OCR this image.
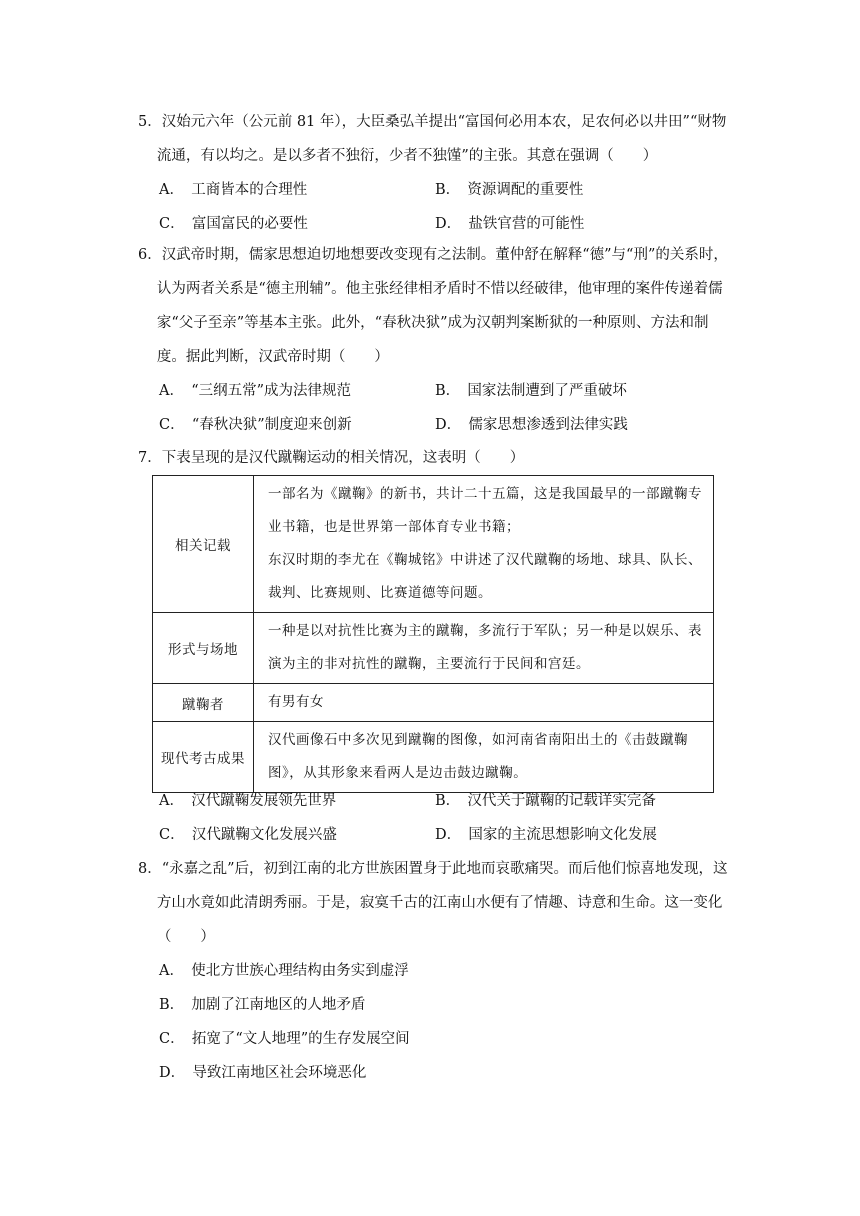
5．汉始元六年（公元前 81 年），大臣桑弘羊提出“富国何必用本农，足农何必以井田”“财物流通，有以均之。是以多者不独衍，少者不独馑”的主张。其意在强调（　　）

A．　工商皆本的合理性	B．　资源调配的重要性
C．　富国富民的必要性	D．　盐铁官营的可能性

6．汉武帝时期，儒家思想迫切地想要改变现有之法制。董仲舒在解释“德”与“刑”的关系时，认为两者关系是“德主刑辅”。他主张经律相矛盾时不惜以经破律，他审理的案件传递着儒家“父子至亲”等基本主张。此外，“春秋决狱”成为汉朝判案断狱的一种原则、方法和制度。据此判断，汉武帝时期（　　）

A．　“三纲五常”成为法律规范	B．　国家法制遭到了严重破坏
C．　“春秋决狱”制度迎来创新	D．　儒家思想渗透到法律实践

7．下表呈现的是汉代蹴鞠运动的相关情况，这表明（　　）

相关记载	一部名为《蹴鞠》的新书，共计二十五篇，这是我国最早的一部蹴鞠专业书籍，也是世界第一部体育专业书籍；
东汉时期的李尤在《鞠城铭》中讲述了汉代蹴鞠的场地、球具、队长、裁判、比赛规则、比赛道德等问题。

形式与场地	一种是以对抗性比赛为主的蹴鞠，多流行于军队；另一种是以娱乐、表演为主的非对抗性的蹴鞠，主要流行于民间和宫廷。

蹴鞠者	有男有女

现代考古成果	汉代画像石中多次见到蹴鞠的图像，如河南省南阳出土的《击鼓蹴鞠图》，从其形象来看两人是边击鼓边蹴鞠。
A．　汉代蹴鞠发展领先世界	B．　汉代关于蹴鞠的记载详实完备
C．　汉代蹴鞠文化发展兴盛	D．　国家的主流思想影响文化发展

8．“永嘉之乱”后，初到江南的北方世族困置身于此地而哀歌痛哭。而后他们惊喜地发现，这方山水竟如此清朗秀丽。于是，寂寞千古的江南山水便有了情趣、诗意和生命。这一变化（　　）

A．　使北方世族心理结构由务实到虚浮
B．　加剧了江南地区的人地矛盾
C．　拓宽了“文人地理”的生存发展空间
D．　导致江南地区社会环境恶化
